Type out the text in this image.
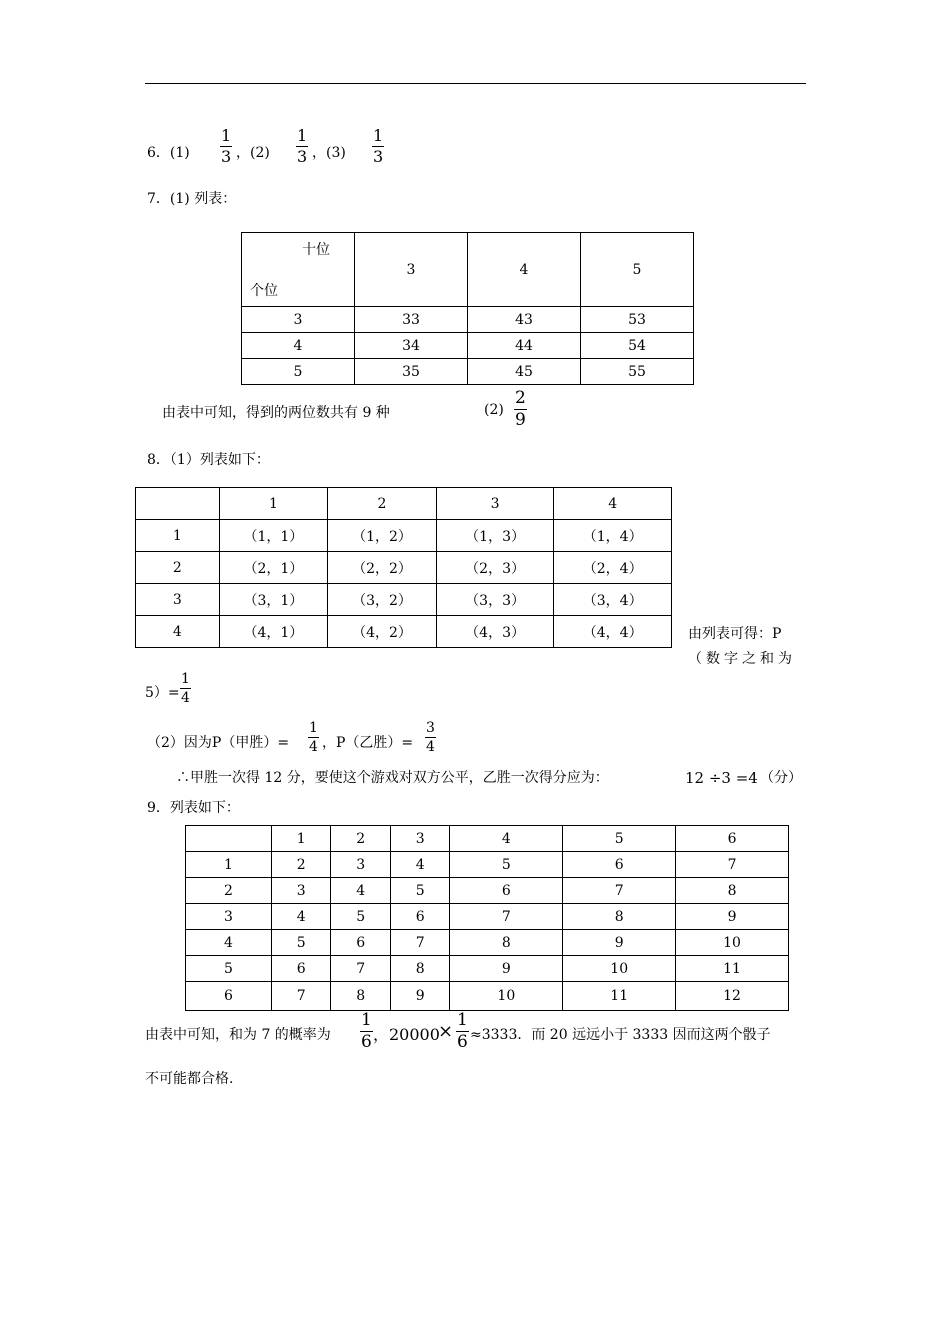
6．$(1) \frac{1}{3}$ ，$(2) \frac{1}{3}$ ，$(3) \frac{1}{3}$
7．(1) 列表：
十位
个位	3	4	5
3	33	43	53
4	34	44	54
5	35	45	55
由表中可知，得到的两位数共有 9 种	$(2) \frac{2}{9}$
8．（1）列表如下：
	1	2	3	4
1	（1，1）	（1，2）	（1，3）	（1，4）
2	（2，1）	（2，2）	（2，3）	（2，4）
3	（3，1）	（3，2）	（3，3）	（3，4）
4	（4，1）	（4，2）	（4，3）	（4，4）	由列表可得：P
（数字之和为
$5)= \frac{1}{4}$
（2）因为P（甲胜）= $\frac{1}{4}$ ，P（乙胜）= $\frac{3}{4}$
∴甲胜一次得 12 分，要使这个游戏对双方公平，乙胜一次得分应为：	12 ÷3 =4 （分）
9．列表如下：
	1	2	3	4	5	6
1	2	3	4	5	6	7
2	3	4	5	6	7	8
3	4	5	6	7	8	9
4	5	6	7	8	9	10
5	6	7	8	9	10	11
6	7	8	9	10	11	12
由表中可知，和为 7 的概率为 $\frac{1}{6}$ ，20000
× $\frac{1}{6} \approx 3333$．而 20 远远小于 3333 因而这两个骰子
不可能都合格.
